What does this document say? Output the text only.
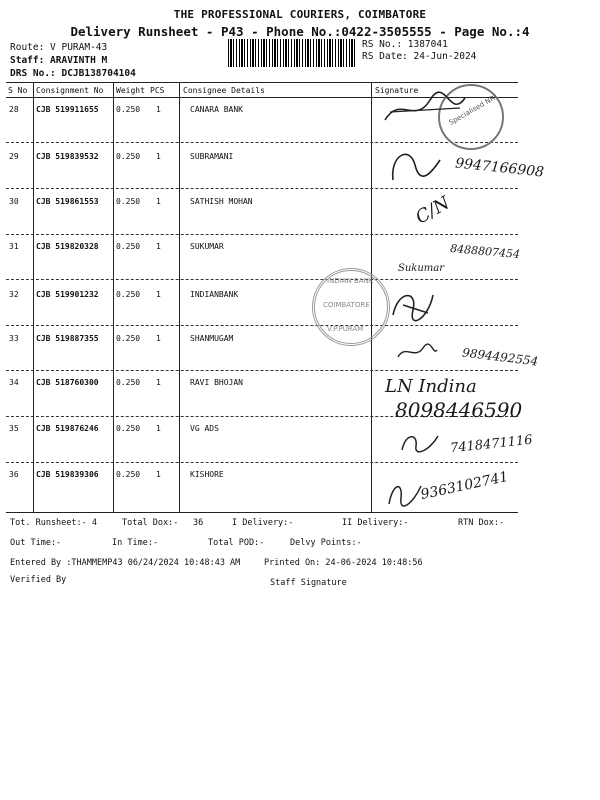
THE PROFESSIONAL COURIERS, COIMBATORE
Delivery Runsheet - P43 - Phone No.:0422-3505555 - Page No.:4
Route: V PURAM-43
Staff: ARAVINTH M
DRS No.: DCJB138704104
RS No.: 1387041
RS Date: 24-Jun-2024
S No Consignment No Weight PCS Consignee Details	Signature
28 CJB 519911655 0.250 1	CANARA BANK
29 CJB 519839532 0.250 1	SUBRAMANI
30 CJB 519861553 0.250 1	SATHISH MOHAN
31 CJB 519820328 0.250 1	SUKUMAR
32 CJB 519901232 0.250 1	INDIANBANK
33 CJB 519887355 0.250 1	SHANMUGAM
34 CJB 518760300 0.250 1	RAVI BHOJAN
35 CJB 519876246 0.250 1	VG ADS
36 CJB 519839306 0.250 1	KISHORE
Specialised NRI
INDIAN BANK
COIMBATORE
V.P.PURAM
9947166908
C/N
8488807454
Sukumar
9894492554
LN Indina
8098446590
7418471116
9363102741
Tot. Runsheet:- 4	Total Dox:- 36	I Delivery:-	II Delivery:-	RTN Dox:-
Out Time:-	In Time:-	Total POD:-	Delvy Points:-
Entered By :THAMMEMP43 06/24/2024 10:48:43 AM	Printed On: 24-06-2024 10:48:56
Verified By	Staff Signature
